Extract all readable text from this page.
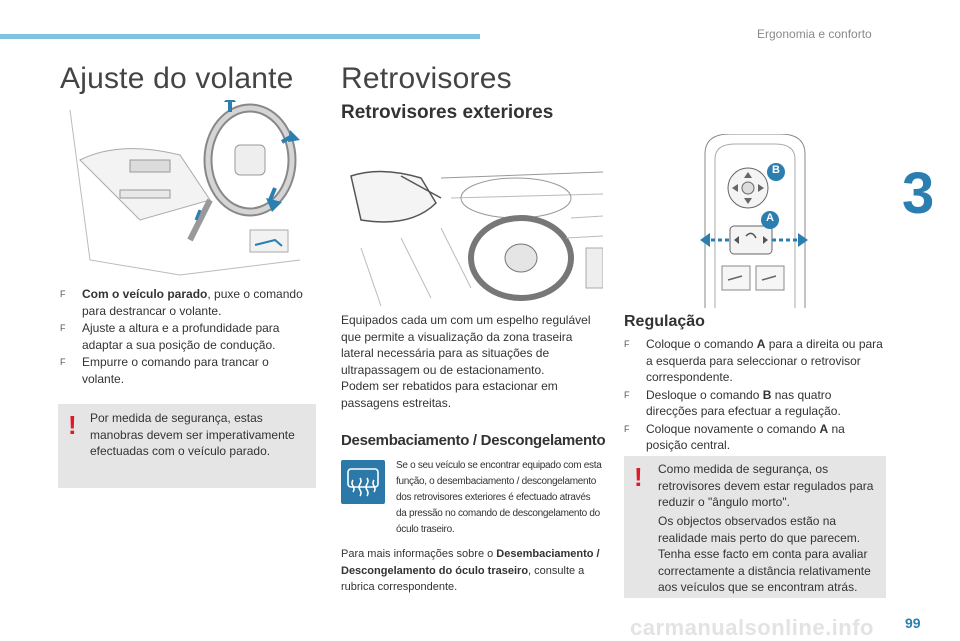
Ergonomia e conforto
3
Ajuste do volante
F Com o veículo parado, puxe o comando para destrancar o volante.
F Ajuste a altura e a profundidade para adaptar a sua posição de condução.
F Empurre o comando para trancar o volante.
! Por medida de segurança, estas manobras devem ser imperativamente efectuadas com o veículo parado.
Retrovisores
Retrovisores exteriores
Equipados cada um com um espelho regulável que permite a visualização da zona traseira lateral necessária para as situações de ultrapassagem ou de estacionamento.
Podem ser rebatidos para estacionar em passagens estreitas.
Desembaciamento / Descongelamento
Se o seu veículo se encontrar equipado com esta função, o desembaciamento / descongelamento dos retrovisores exteriores é efectuado através da pressão no comando de descongelamento do óculo traseiro.
Para mais informações sobre o Desembaciamento / Descongelamento do óculo traseiro, consulte a rubrica correspondente.
B
A
Regulação
F Coloque o comando A para a direita ou para a esquerda para seleccionar o retrovisor correspondente.
F Desloque o comando B nas quatro direcções para efectuar a regulação.
F Coloque novamente o comando A na posição central.
! Como medida de segurança, os retrovisores devem estar regulados para reduzir o "ângulo morto".
Os objectos observados estão na realidade mais perto do que parecem. Tenha esse facto em conta para avaliar correctamente a distância relativamente aos veículos que se encontram atrás.
carmanualsonline.info 99
